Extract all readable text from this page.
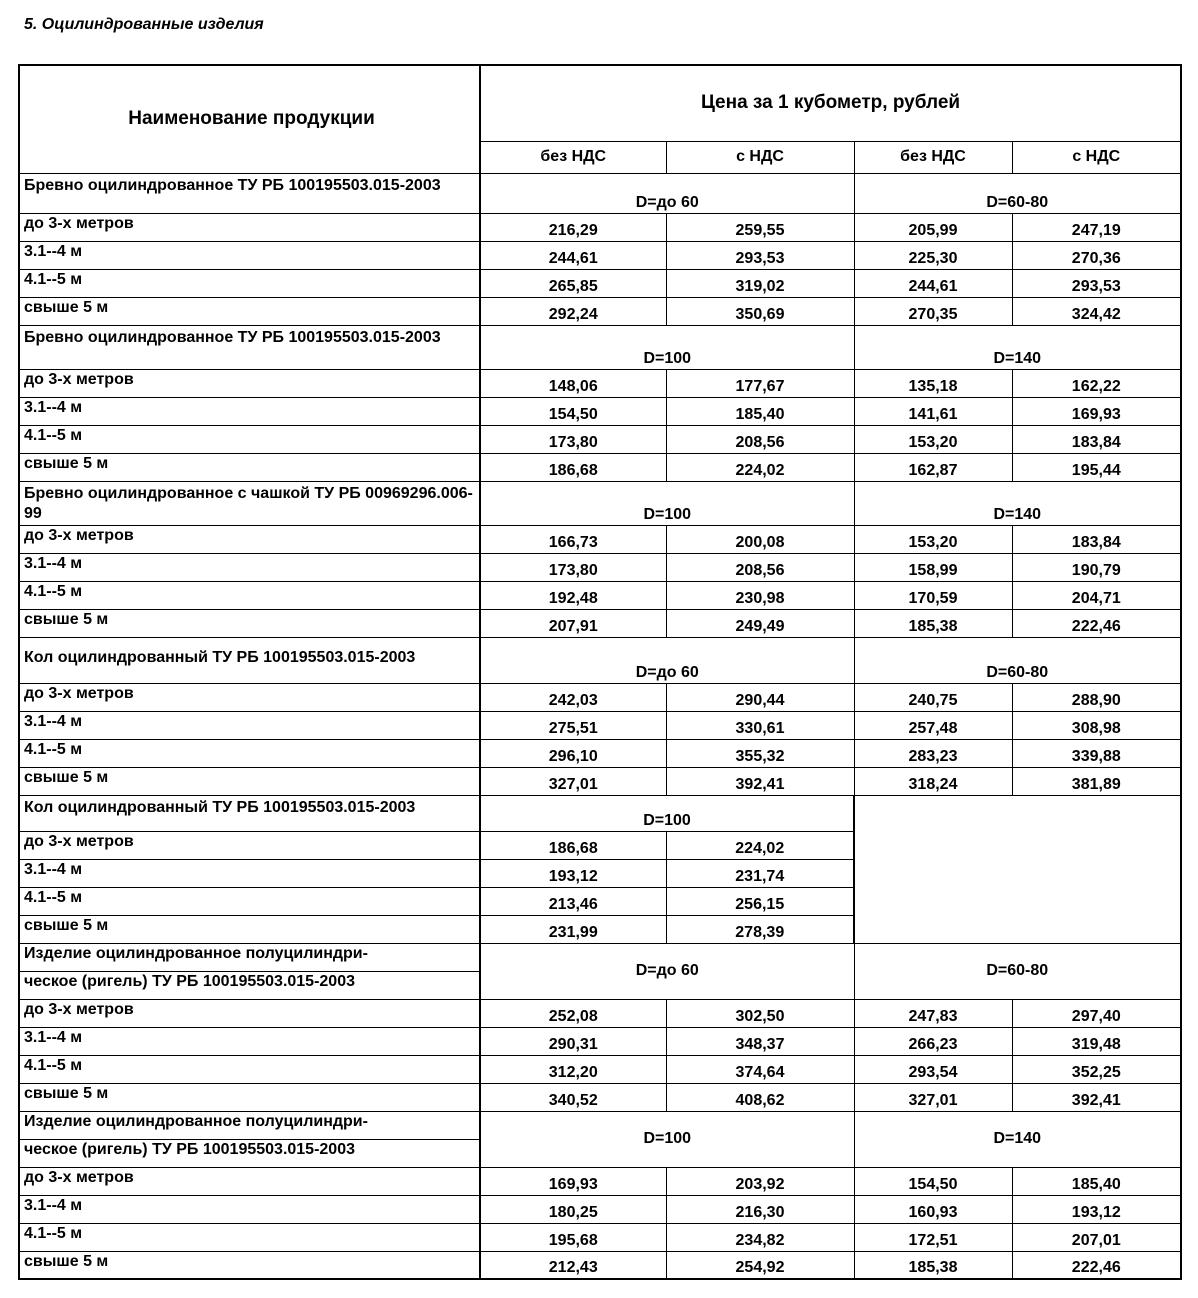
5. Оцилиндрованные изделия
Наименование продукции	Цена за 1 кубометр, рублей			
	без НДС	с НДС	без НДС	с НДС
Бревно оцилиндрованное ТУ РБ 100195503.015-2003	D=до 60		D=60-80	
до 3-х метров	216,29	259,55	205,99	247,19
3.1--4 м	244,61	293,53	225,30	270,36
4.1--5 м	265,85	319,02	244,61	293,53
свыше 5 м	292,24	350,69	270,35	324,42
Бревно оцилиндрованное ТУ РБ 100195503.015-2003	D=100		D=140	
до 3-х метров	148,06	177,67	135,18	162,22
3.1--4 м	154,50	185,40	141,61	169,93
4.1--5 м	173,80	208,56	153,20	183,84
свыше 5 м	186,68	224,02	162,87	195,44
Бревно оцилиндрованное с чашкой ТУ РБ 00969296.006-99	D=100		D=140	
до 3-х метров	166,73	200,08	153,20	183,84
3.1--4 м	173,80	208,56	158,99	190,79
4.1--5 м	192,48	230,98	170,59	204,71
свыше 5 м	207,91	249,49	185,38	222,46
Кол оцилиндрованный ТУ РБ 100195503.015-2003	D=до 60		D=60-80	
до 3-х метров	242,03	290,44	240,75	288,90
3.1--4 м	275,51	330,61	257,48	308,98
4.1--5 м	296,10	355,32	283,23	339,88
свыше 5 м	327,01	392,41	318,24	381,89
Кол оцилиндрованный ТУ РБ 100195503.015-2003	D=100			
до 3-х метров	186,68	224,02		
3.1--4 м	193,12	231,74		
4.1--5 м	213,46	256,15		
свыше 5 м	231,99	278,39		
Изделие оцилиндрованное полуцилиндри-	D=до 60		D=60-80	
ческое (ригель) ТУ РБ 100195503.015-2003				
до 3-х метров	252,08	302,50	247,83	297,40
3.1--4 м	290,31	348,37	266,23	319,48
4.1--5 м	312,20	374,64	293,54	352,25
свыше 5 м	340,52	408,62	327,01	392,41
Изделие оцилиндрованное полуцилиндри-	D=100		D=140	
ческое (ригель) ТУ РБ 100195503.015-2003				
до 3-х метров	169,93	203,92	154,50	185,40
3.1--4 м	180,25	216,30	160,93	193,12
4.1--5 м	195,68	234,82	172,51	207,01
свыше 5 м	212,43	254,92	185,38	222,46
